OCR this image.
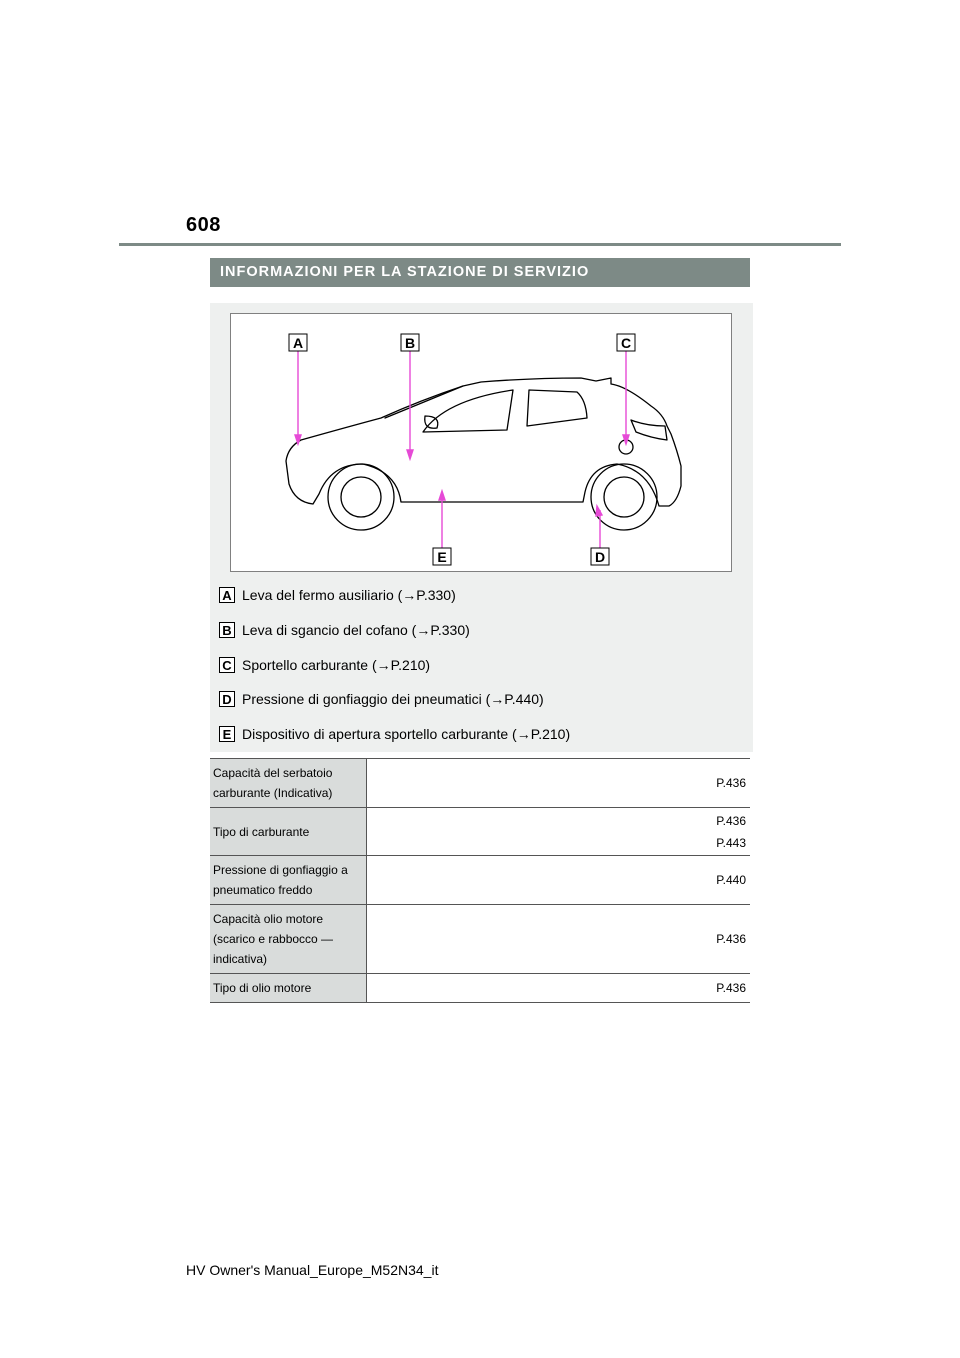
608
INFORMAZIONI PER LA STAZIONE DI SERVIZIO
A	B	C
D
E
A Leva del fermo ausiliario (→P.330)
B Leva di sgancio del cofano (→P.330)
C Sportello carburante (→P.210)
D Pressione di gonfiaggio dei pneumatici (→P.440)
E Dispositivo di apertura sportello carburante (→P.210)
Capacità del serbatoio
carburante (Indicativa)	P.436

Tipo di carburante	P.436
P.443

Pressione di gonfiaggio a
pneumatico freddo	P.440

Capacità olio motore
(scarico e rabbocco —
indicativa)	P.436

Tipo di olio motore	P.436
HV Owner's Manual_Europe_M52N34_it
